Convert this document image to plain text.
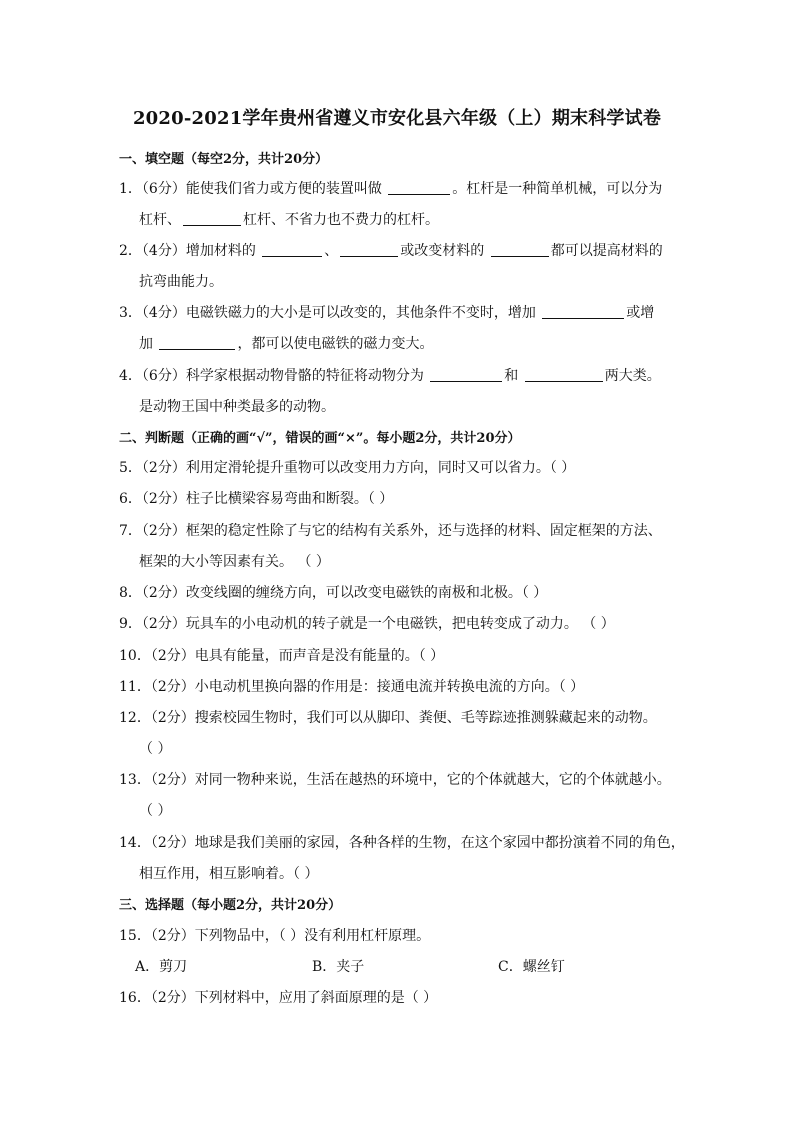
2020-2021学年贵州省遵义市安化县六年级（上）期末科学试卷
一、填空题（每空2分，共计20分）
1．（6分）能使我们省力或方便的装置叫做	。杠杆是一种简单机械，可以分为
杠杆、	杠杆、不省力也不费力的杠杆。
2．（4分）增加材料的	、	或改变材料的	都可以提高材料的
抗弯曲能力。
3．（4分）电磁铁磁力的大小是可以改变的，其他条件不变时，增加	或增
加	，都可以使电磁铁的磁力变大。
4．（6分）科学家根据动物骨骼的特征将动物分为	和	两大类。
是动物王国中种类最多的动物。
二、判断题（正确的画“√”，错误的画“×”。每小题2分，共计20分）
5．（2分）利用定滑轮提升重物可以改变用力方向，同时又可以省力。（ ）
6．（2分）柱子比横梁容易弯曲和断裂。（ ）
7．（2分）框架的稳定性除了与它的结构有关系外，还与选择的材料、固定框架的方法、
框架的大小等因素有关。 （ ）
8．（2分）改变线圈的缠绕方向，可以改变电磁铁的南极和北极。（ ）
9．（2分）玩具车的小电动机的转子就是一个电磁铁，把电转变成了动力。 （ ）
10．（2分）电具有能量，而声音是没有能量的。（ ）
11．（2分）小电动机里换向器的作用是：接通电流并转换电流的方向。（ ）
12．（2分）搜索校园生物时，我们可以从脚印、粪便、毛等踪迹推测躲藏起来的动物。
（ ）
13．（2分）对同一物种来说，生活在越热的环境中，它的个体就越大，它的个体就越小。
（ ）
14．（2分）地球是我们美丽的家园，各种各样的生物，在这个家园中都扮演着不同的角色，
相互作用，相互影响着。（ ）
三、选择题（每小题2分，共计20分）
15．（2分）下列物品中，（ ）没有利用杠杆原理。
A．剪刀	B．夹子	C．螺丝钉
16．（2分）下列材料中，应用了斜面原理的是（ ）
